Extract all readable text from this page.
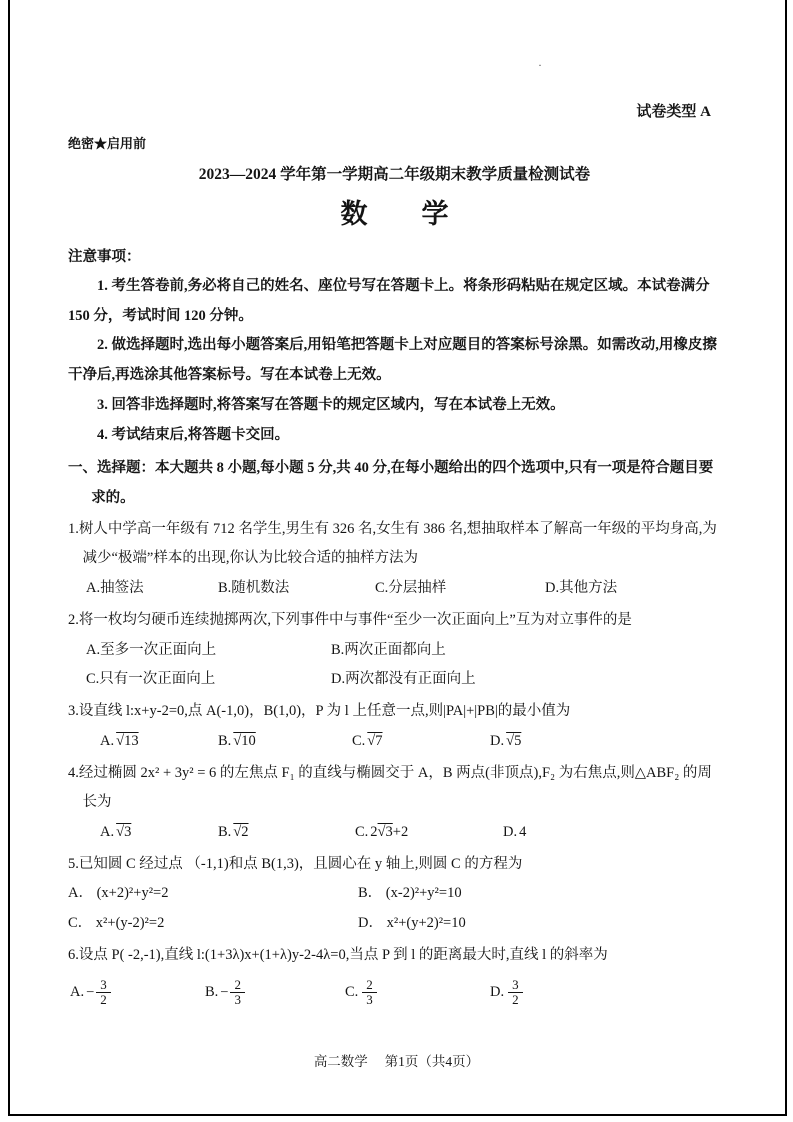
·
试卷类型 A
绝密★启用前
2023—2024 学年第一学期高二年级期末教学质量检测试卷
数　　学
注意事项：

1. 考生答卷前,务必将自己的姓名、座位号写在答题卡上。将条形码粘贴在规定区域。本试卷满分 150 分，考试时间 120 分钟。

2. 做选择题时,选出每小题答案后,用铅笔把答题卡上对应题目的答案标号涂黑。如需改动,用橡皮擦干净后,再选涂其他答案标号。写在本试卷上无效。

3. 回答非选择题时,将答案写在答题卡的规定区域内，写在本试卷上无效。

4. 考试结束后,将答题卡交回。

一、选择题：本大题共 8 小题,每小题 5 分,共 40 分,在每小题给出的四个选项中,只有一项是符合题目要求的。

1.树人中学高一年级有 712 名学生,男生有 326 名,女生有 386 名,想抽取样本了解高一年级的平均身高,为减少“极端”样本的出现,你认为比较合适的抽样方法为

A.抽签法	B.随机数法	C.分层抽样	D.其他方法

2.将一枚均匀硬币连续抛掷两次,下列事件中与事件“至少一次正面向上”互为对立事件的是

A.至多一次正面向上	B.两次正面都向上
C.只有一次正面向上	D.两次都没有正面向上

3.设直线 l:x+y-2=0,点 A(-1,0)，B(1,0)，P 为 l 上任意一点,则|PA|+|PB|的最小值为

A. √13	B. √10	C. √7	D. √5

4.经过椭圆 2x² + 3y² = 6 的左焦点 F₁ 的直线与椭圆交于 A，B 两点(非顶点),F₂ 为右焦点,则△ABF₂ 的周长为

A. √3	B. √2	C. 2√3+2	D. 4

5.已知圆 C 经过点 （-1,1)和点 B(1,3)，且圆心在 y 轴上,则圆 C 的方程为

A． (x+2)²+y²=2	B． (x-2)²+y²=10
C． x²+(y-2)²=2	D． x²+(y+2)²=10

6.设点 P( -2,-1),直线 l:(1+3λ)x+(1+λ)y-2-4λ=0,当点 P 到 l 的距离最大时,直线 l 的斜率为

A. − $\frac{3}{2}$	B. − $\frac{2}{3}$	C. $\frac{2}{3}$	D. $\frac{3}{2}$
高二数学　 第1页（共4页）
